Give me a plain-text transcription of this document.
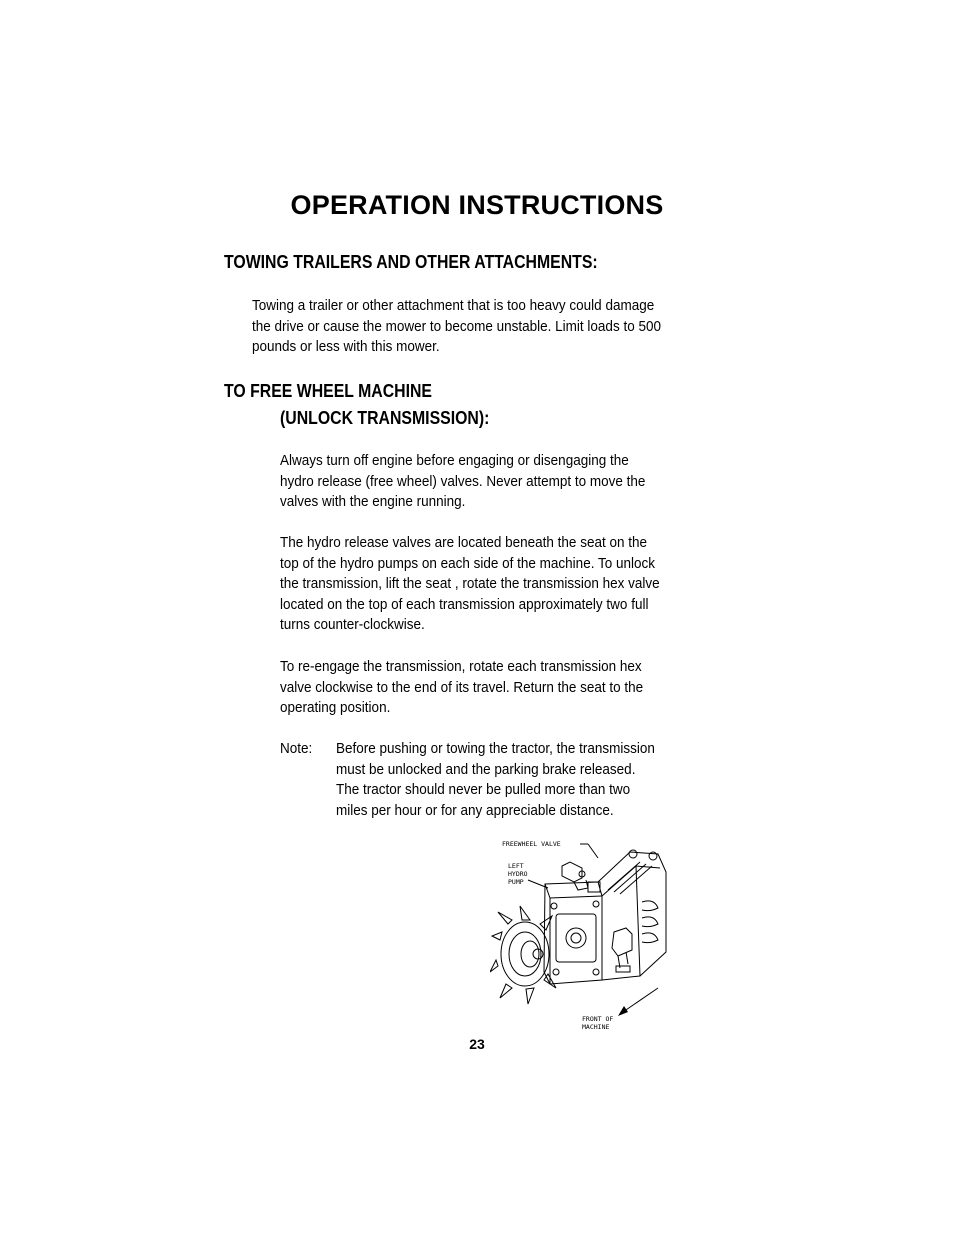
OPERATION INSTRUCTIONS
TOWING TRAILERS AND OTHER ATTACHMENTS:
Towing a trailer or other attachment that is too heavy could damage
the drive or cause the mower to become unstable. Limit loads to 500
pounds or less with this mower.
TO FREE WHEEL MACHINE
(UNLOCK TRANSMISSION):
Always turn off engine before engaging or disengaging the
hydro release (free wheel) valves. Never attempt to move the
valves with the engine running.
The hydro release valves are located beneath the seat on the
top of the hydro pumps on each side of the machine. To unlock
the transmission, lift the seat , rotate the transmission hex valve
located on the top of each transmission approximately two full
turns counter-clockwise.
To re-engage the transmission, rotate each transmission hex
valve clockwise to the end of its travel. Return the seat to the
operating position.
Note: Before pushing or towing the tractor, the transmission
must be unlocked and the parking brake released.
The tractor should never be pulled more than two
miles per hour or for any appreciable distance.
FREEWHEEL VALVE
LEFT
HYDRO
PUMP
FRONT OF
MACHINE
23
